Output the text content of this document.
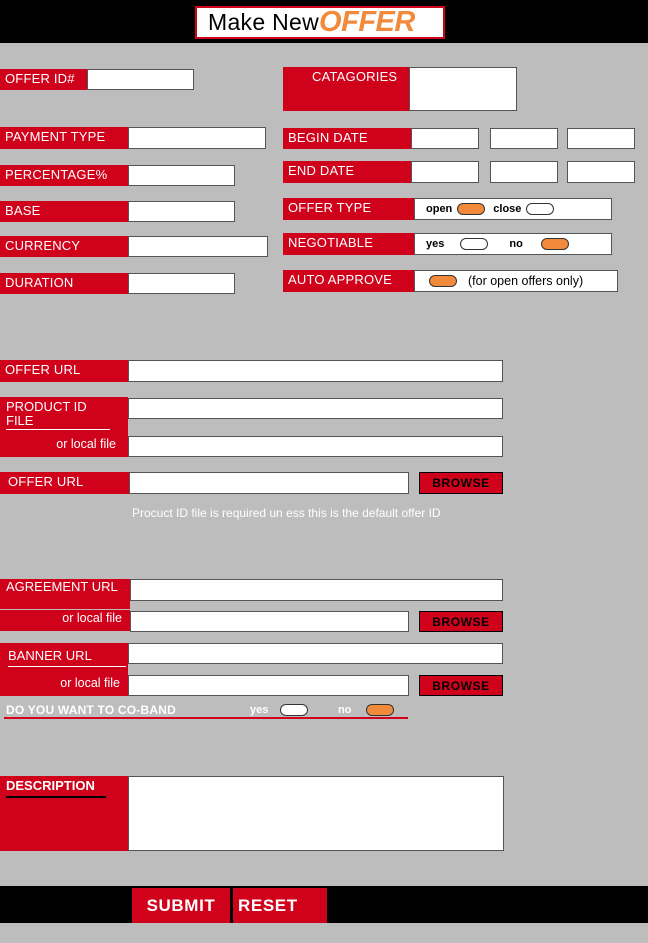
Make New OFFER
OFFER ID#
PAYMENT TYPE
PERCENTAGE%
BASE
CURRENCY
DURATION
CATAGORIES
BEGIN DATE
END DATE
OFFER TYPE	open	close
NEGOTIABLE	yes	no
AUTO APPROVE	(for open offers only)
OFFER URL
PRODUCT ID FILE
or local file
OFFER URL	BROWSE
Procuct ID file is required un ess this is the default offer ID
AGREEMENT URL
or local file	BROWSE
BANNER URL
or local file	BROWSE
DO YOU WANT TO CO-BAND	yes	no
DESCRIPTION
SUBMIT	RESET
